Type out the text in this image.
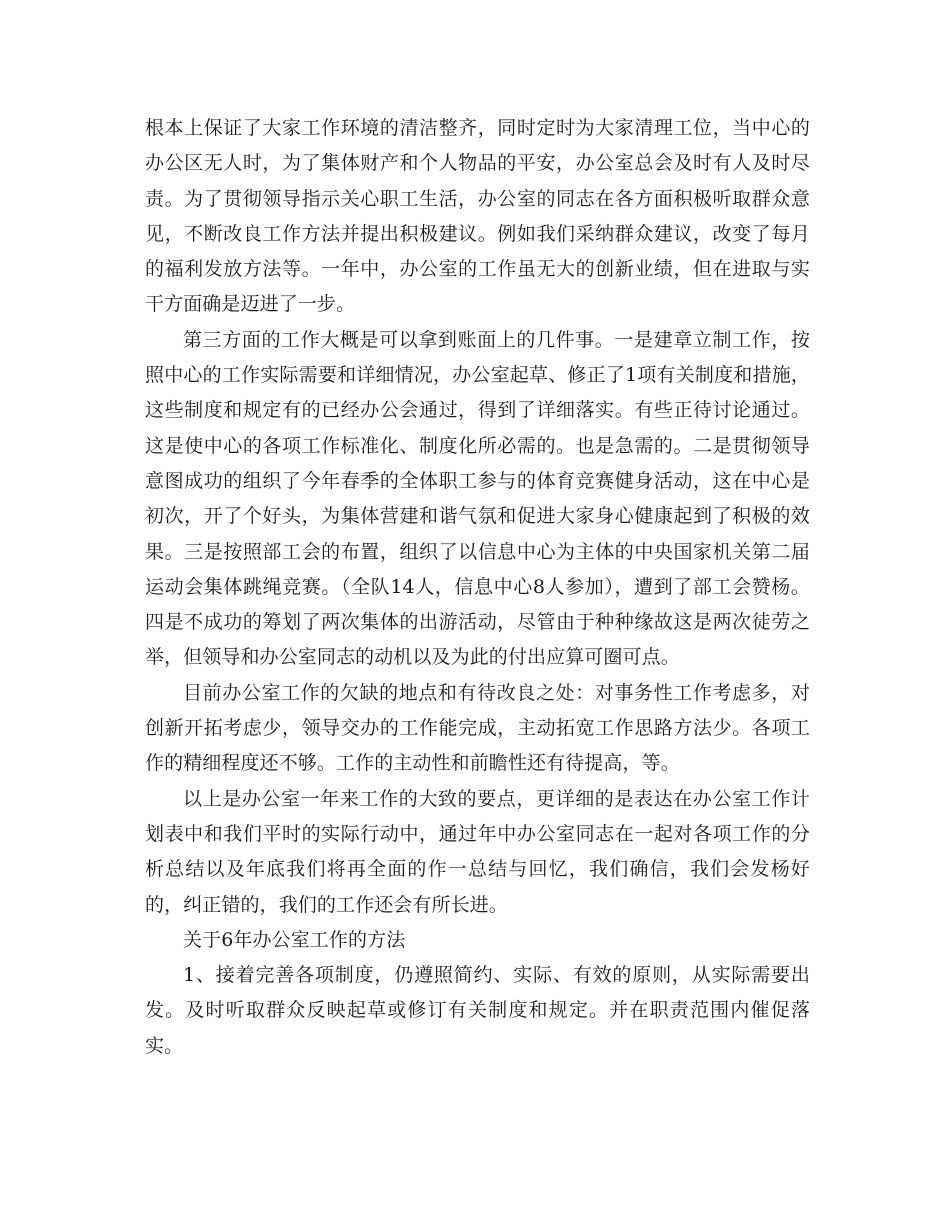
根本上保证了大家工作环境的清洁整齐，同时定时为大家清理工位，当中心的办公区无人时，为了集体财产和个人物品的平安，办公室总会及时有人及时尽责。为了贯彻领导指示关心职工生活，办公室的同志在各方面积极听取群众意见，不断改良工作方法并提出积极建议。例如我们采纳群众建议，改变了每月的福利发放方法等。一年中，办公室的工作虽无大的创新业绩，但在进取与实干方面确是迈进了一步。

第三方面的工作大概是可以拿到账面上的几件事。一是建章立制工作，按照中心的工作实际需要和详细情况，办公室起草、修正了1项有关制度和措施，这些制度和规定有的已经办公会通过，得到了详细落实。有些正待讨论通过。这是使中心的各项工作标准化、制度化所必需的。也是急需的。二是贯彻领导意图成功的组织了今年春季的全体职工参与的体育竞赛健身活动，这在中心是初次，开了个好头，为集体营建和谐气氛和促进大家身心健康起到了积极的效果。三是按照部工会的布置，组织了以信息中心为主体的中央国家机关第二届运动会集体跳绳竞赛。（全队14人，信息中心8人参加），遭到了部工会赞杨。四是不成功的筹划了两次集体的出游活动，尽管由于种种缘故这是两次徒劳之举，但领导和办公室同志的动机以及为此的付出应算可圈可点。

目前办公室工作的欠缺的地点和有待改良之处：对事务性工作考虑多，对创新开拓考虑少，领导交办的工作能完成，主动拓宽工作思路方法少。各项工作的精细程度还不够。工作的主动性和前瞻性还有待提高，等。

以上是办公室一年来工作的大致的要点，更详细的是表达在办公室工作计划表中和我们平时的实际行动中，通过年中办公室同志在一起对各项工作的分析总结以及年底我们将再全面的作一总结与回忆，我们确信，我们会发杨好的，纠正错的，我们的工作还会有所长进。

关于6年办公室工作的方法

1、接着完善各项制度，仍遵照简约、实际、有效的原则，从实际需要出发。及时听取群众反映起草或修订有关制度和规定。并在职责范围内催促落实。
